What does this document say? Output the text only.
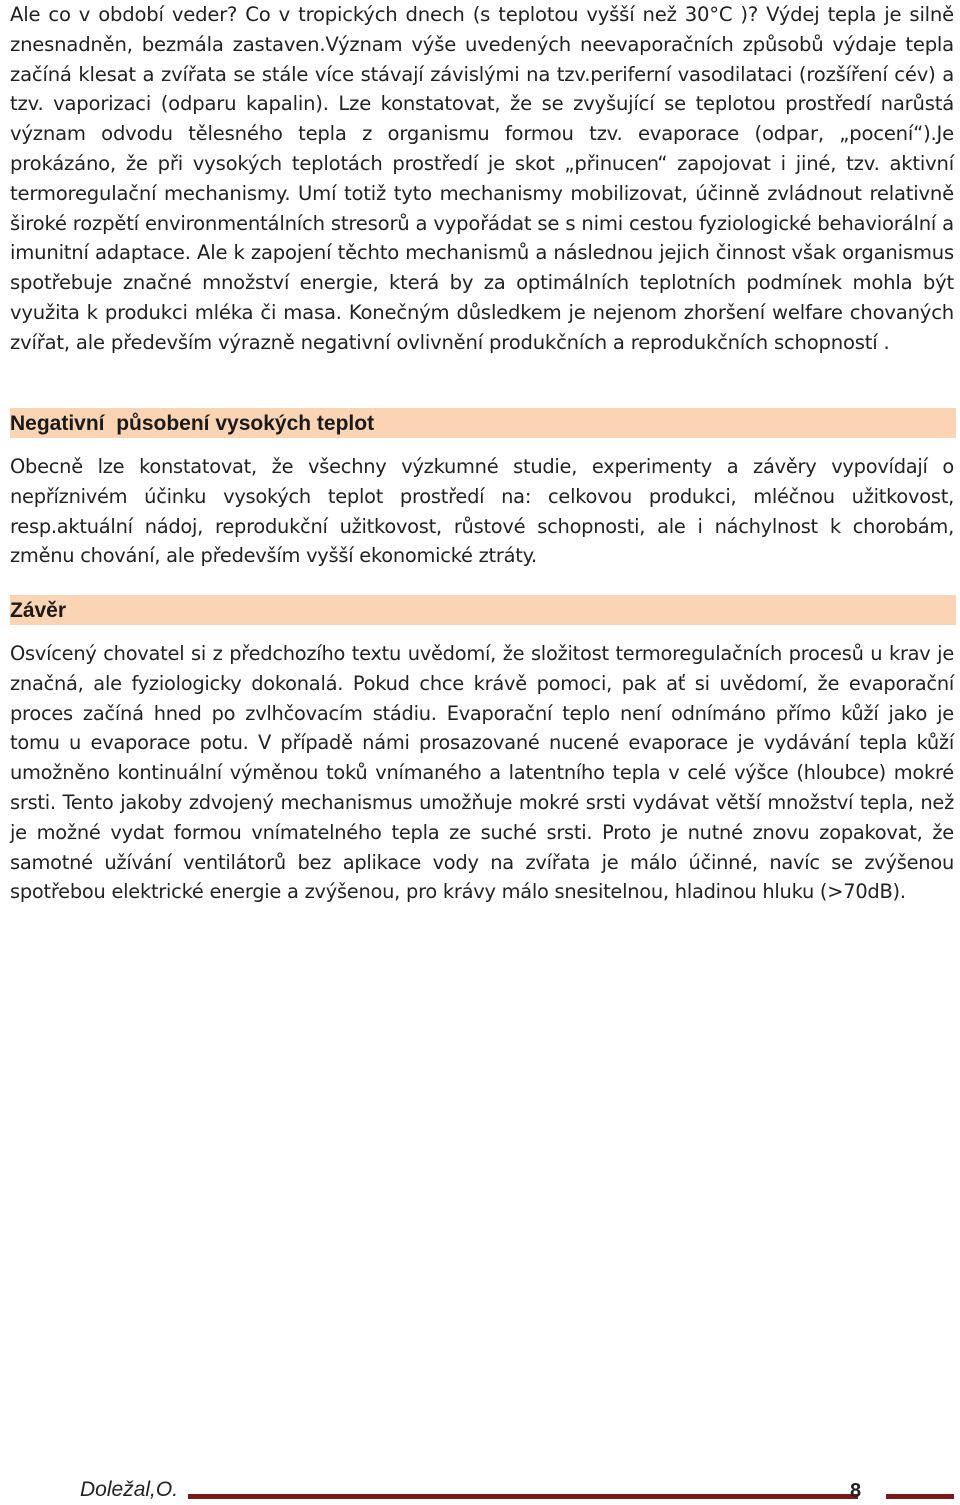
Ale co v období veder? Co v tropických dnech (s teplotou vyšší než 30°C )? Výdej tepla je silně znesnadněn, bezmála zastaven.Význam výše uvedených neevaporačních způsobů výdaje tepla začíná klesat a zvířata se stále více stávají závislými na tzv.periferní vasodilataci (rozšíření cév) a tzv. vaporizaci (odparu kapalin). Lze konstatovat, že se zvyšující se teplotou prostředí narůstá význam odvodu tělesného tepla z organismu formou tzv. evaporace (odpar, „pocení“).Je prokázáno, že při vysokých teplotách prostředí je skot „přinucen“ zapojovat i jiné, tzv. aktivní termoregulační mechanismy. Umí totiž tyto mechanismy mobilizovat, účinně zvládnout relativně široké rozpětí environmentálních stresorů a vypořádat se s nimi cestou fyziologické behaviorální a imunitní adaptace. Ale k zapojení těchto mechanismů a následnou jejich činnost však organismus spotřebuje značné množství energie, která by za optimálních teplotních podmínek mohla být využita k produkci mléka či masa. Konečným důsledkem je nejenom zhoršení welfare chovaných zvířat, ale především výrazně negativní ovlivnění produkčních a reprodukčních schopností .

Negativní  působení vysokých teplot

Obecně lze konstatovat, že všechny výzkumné studie, experimenty a závěry vypovídají o nepříznivém účinku vysokých teplot prostředí na: celkovou produkci, mléčnou užitkovost, resp.aktuální nádoj, reprodukční užitkovost, růstové schopnosti, ale i náchylnost k chorobám, změnu chování, ale především vyšší ekonomické ztráty.

Závěr

Osvícený chovatel si z předchozího textu uvědomí, že složitost termoregulačních procesů u krav je značná, ale fyziologicky dokonalá. Pokud chce krávě pomoci, pak ať si uvědomí, že evaporační proces začíná hned po zvlhčovacím stádiu. Evaporační teplo není odnímáno přímo kůží jako je tomu u evaporace potu. V případě námi prosazované nucené evaporace je vydávání tepla kůží umožněno kontinuální výměnou toků vnímaného a latentního tepla v celé výšce (hloubce) mokré srsti. Tento jakoby zdvojený mechanismus umožňuje mokré srsti vydávat větší množství tepla, než je možné vydat formou vnímatelného tepla ze suché srsti. Proto je nutné znovu zopakovat, že samotné užívání ventilátorů bez aplikace vody na zvířata je málo účinné, navíc se zvýšenou spotřebou elektrické energie a zvýšenou, pro krávy málo snesitelnou, hladinou hluku (>70dB).

Doležal,O.	8
